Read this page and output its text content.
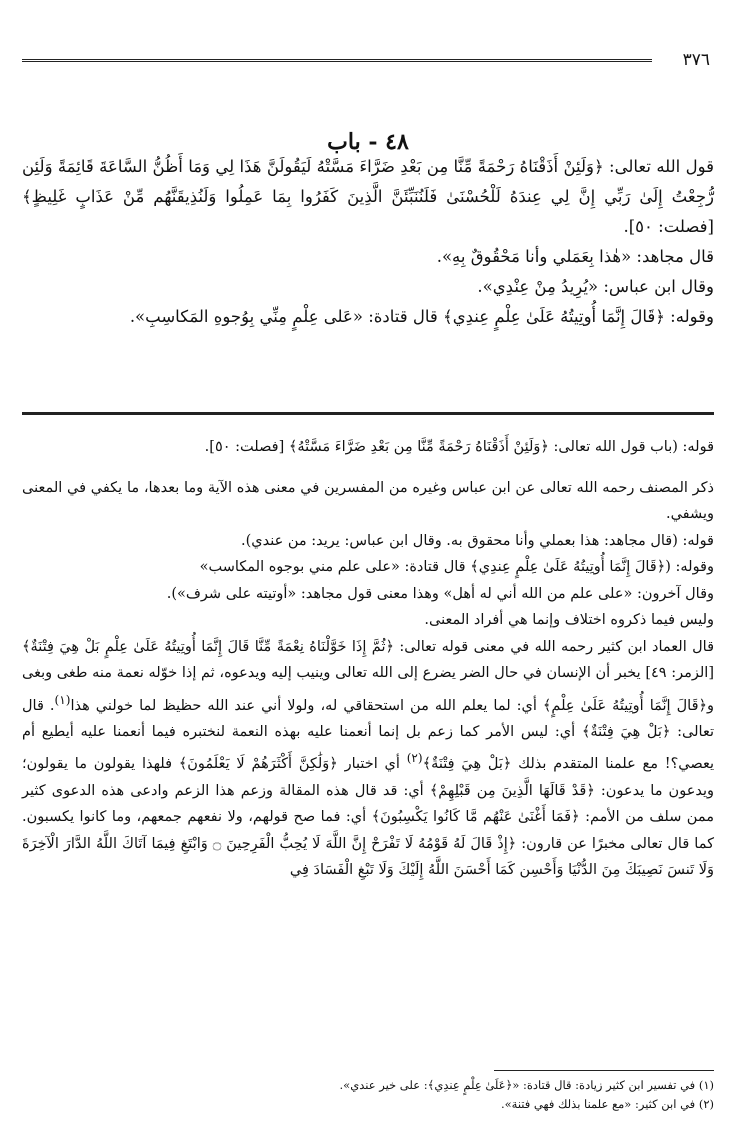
٣٧٦
٤٨ - باب

قول الله تعالى: ﴿وَلَئِنْ أَذَقْنَاهُ رَحْمَةً مِّنَّا مِن بَعْدِ ضَرَّاءَ مَسَّتْهُ لَيَقُولَنَّ هَذَا لِي وَمَا أَظُنُّ السَّاعَةَ قَائِمَةً وَلَئِن رُّجِعْتُ إِلَىٰ رَبِّي إِنَّ لِي عِندَهُ لَلْحُسْنَىٰ فَلَنُنَبِّئَنَّ الَّذِينَ كَفَرُوا بِمَا عَمِلُوا وَلَنُذِيقَنَّهُم مِّنْ عَذَابٍ غَلِيظٍ﴾ [فصلت: ٥٠].

قال مجاهد: «هٰذا بِعَمَلي وأنا مَحْقُوقٌ بِهِ».

وقال ابن عباس: «يُرِيدُ مِنْ عِنْدِي».

وقوله: ﴿قَالَ إِنَّمَا أُوتِيتُهُ عَلَىٰ عِلْمٍ عِندِي﴾ قال قتادة: «عَلى عِلْمٍ مِنِّي بِوُجوهِ المَكاسِبِ».

قوله: (باب قول الله تعالى: ﴿وَلَئِنْ أَذَقْنَاهُ رَحْمَةً مِّنَّا مِن بَعْدِ ضَرَّاءَ مَسَّتْهُ﴾ [فصلت: ٥٠].

ذكر المصنف رحمه الله تعالى عن ابن عباس وغيره من المفسرين في معنى هذه الآية وما بعدها، ما يكفي في المعنى ويشفي.

قوله: (قال مجاهد: هذا بعملي وأنا محقوق به. وقال ابن عباس: يريد: من عندي).

وقوله: (﴿قَالَ إِنَّمَا أُوتِيتُهُ عَلَىٰ عِلْمٍ عِندِي﴾ قال قتادة: «على علم مني بوجوه المكاسب»

وقال آخرون: «على علم من الله أني له أهل» وهذا معنى قول مجاهد: «أوتيته على شرف»).

وليس فيما ذكروه اختلاف وإنما هي أفراد المعنى.

قال العماد ابن كثير رحمه الله في معنى قوله تعالى: ﴿ثُمَّ إِذَا خَوَّلْنَاهُ نِعْمَةً مِّنَّا قَالَ إِنَّمَا أُوتِيتُهُ عَلَىٰ عِلْمٍ بَلْ هِيَ فِتْنَةٌ﴾ [الزمر: ٤٩] يخبر أن الإنسان في حال الضر يضرع إلى الله تعالى وينيب إليه ويدعوه، ثم إذا خوّله نعمة منه طغى وبغى و﴿قَالَ إِنَّمَا أُوتِيتُهُ عَلَىٰ عِلْمٍ﴾ أي: لما يعلم الله من استحقاقي له، ولولا أني عند الله حظيظ لما خولني هذا$^{(١)}$. قال تعالى: ﴿بَلْ هِيَ فِتْنَةٌ﴾ أي: ليس الأمر كما زعم بل إنما أنعمنا عليه بهذه النعمة لنختبره فيما أنعمنا عليه أيطيع أم يعصي؟! مع علمنا المتقدم بذلك ﴿بَلْ هِيَ فِتْنَةٌ﴾$^{(٢)}$ أي اختبار ﴿وَلَٰكِنَّ أَكْثَرَهُمْ لَا يَعْلَمُونَ﴾ فلهذا يقولون ما يقولون؛ ويدعون ما يدعون: ﴿قَدْ قَالَهَا الَّذِينَ مِن قَبْلِهِمْ﴾ أي: قد قال هذه المقالة وزعم هذا الزعم وادعى هذه الدعوى كثير ممن سلف من الأمم: ﴿فَمَا أَغْنَىٰ عَنْهُم مَّا كَانُوا يَكْسِبُونَ﴾ أي: فما صح قولهم، ولا نفعهم جمعهم، وما كانوا يكسبون. كما قال تعالى مخبرًا عن قارون: ﴿إِذْ قَالَ لَهُ قَوْمُهُ لَا تَفْرَحْ إِنَّ اللَّهَ لَا يُحِبُّ الْفَرِحِينَ ۝ وَابْتَغِ فِيمَا آتَاكَ اللَّهُ الدَّارَ الْآخِرَةَ وَلَا تَنسَ نَصِيبَكَ مِنَ الدُّنْيَا وَأَحْسِن كَمَا أَحْسَنَ اللَّهُ إِلَيْكَ وَلَا تَبْغِ الْفَسَادَ فِي

(١) في تفسير ابن كثير زيادة: قال قتادة: «﴿عَلَىٰ عِلْمٍ عِندِي﴾: على خير عندي».

(٢) في ابن كثير: «مع علمنا بذلك فهي فتنة».
